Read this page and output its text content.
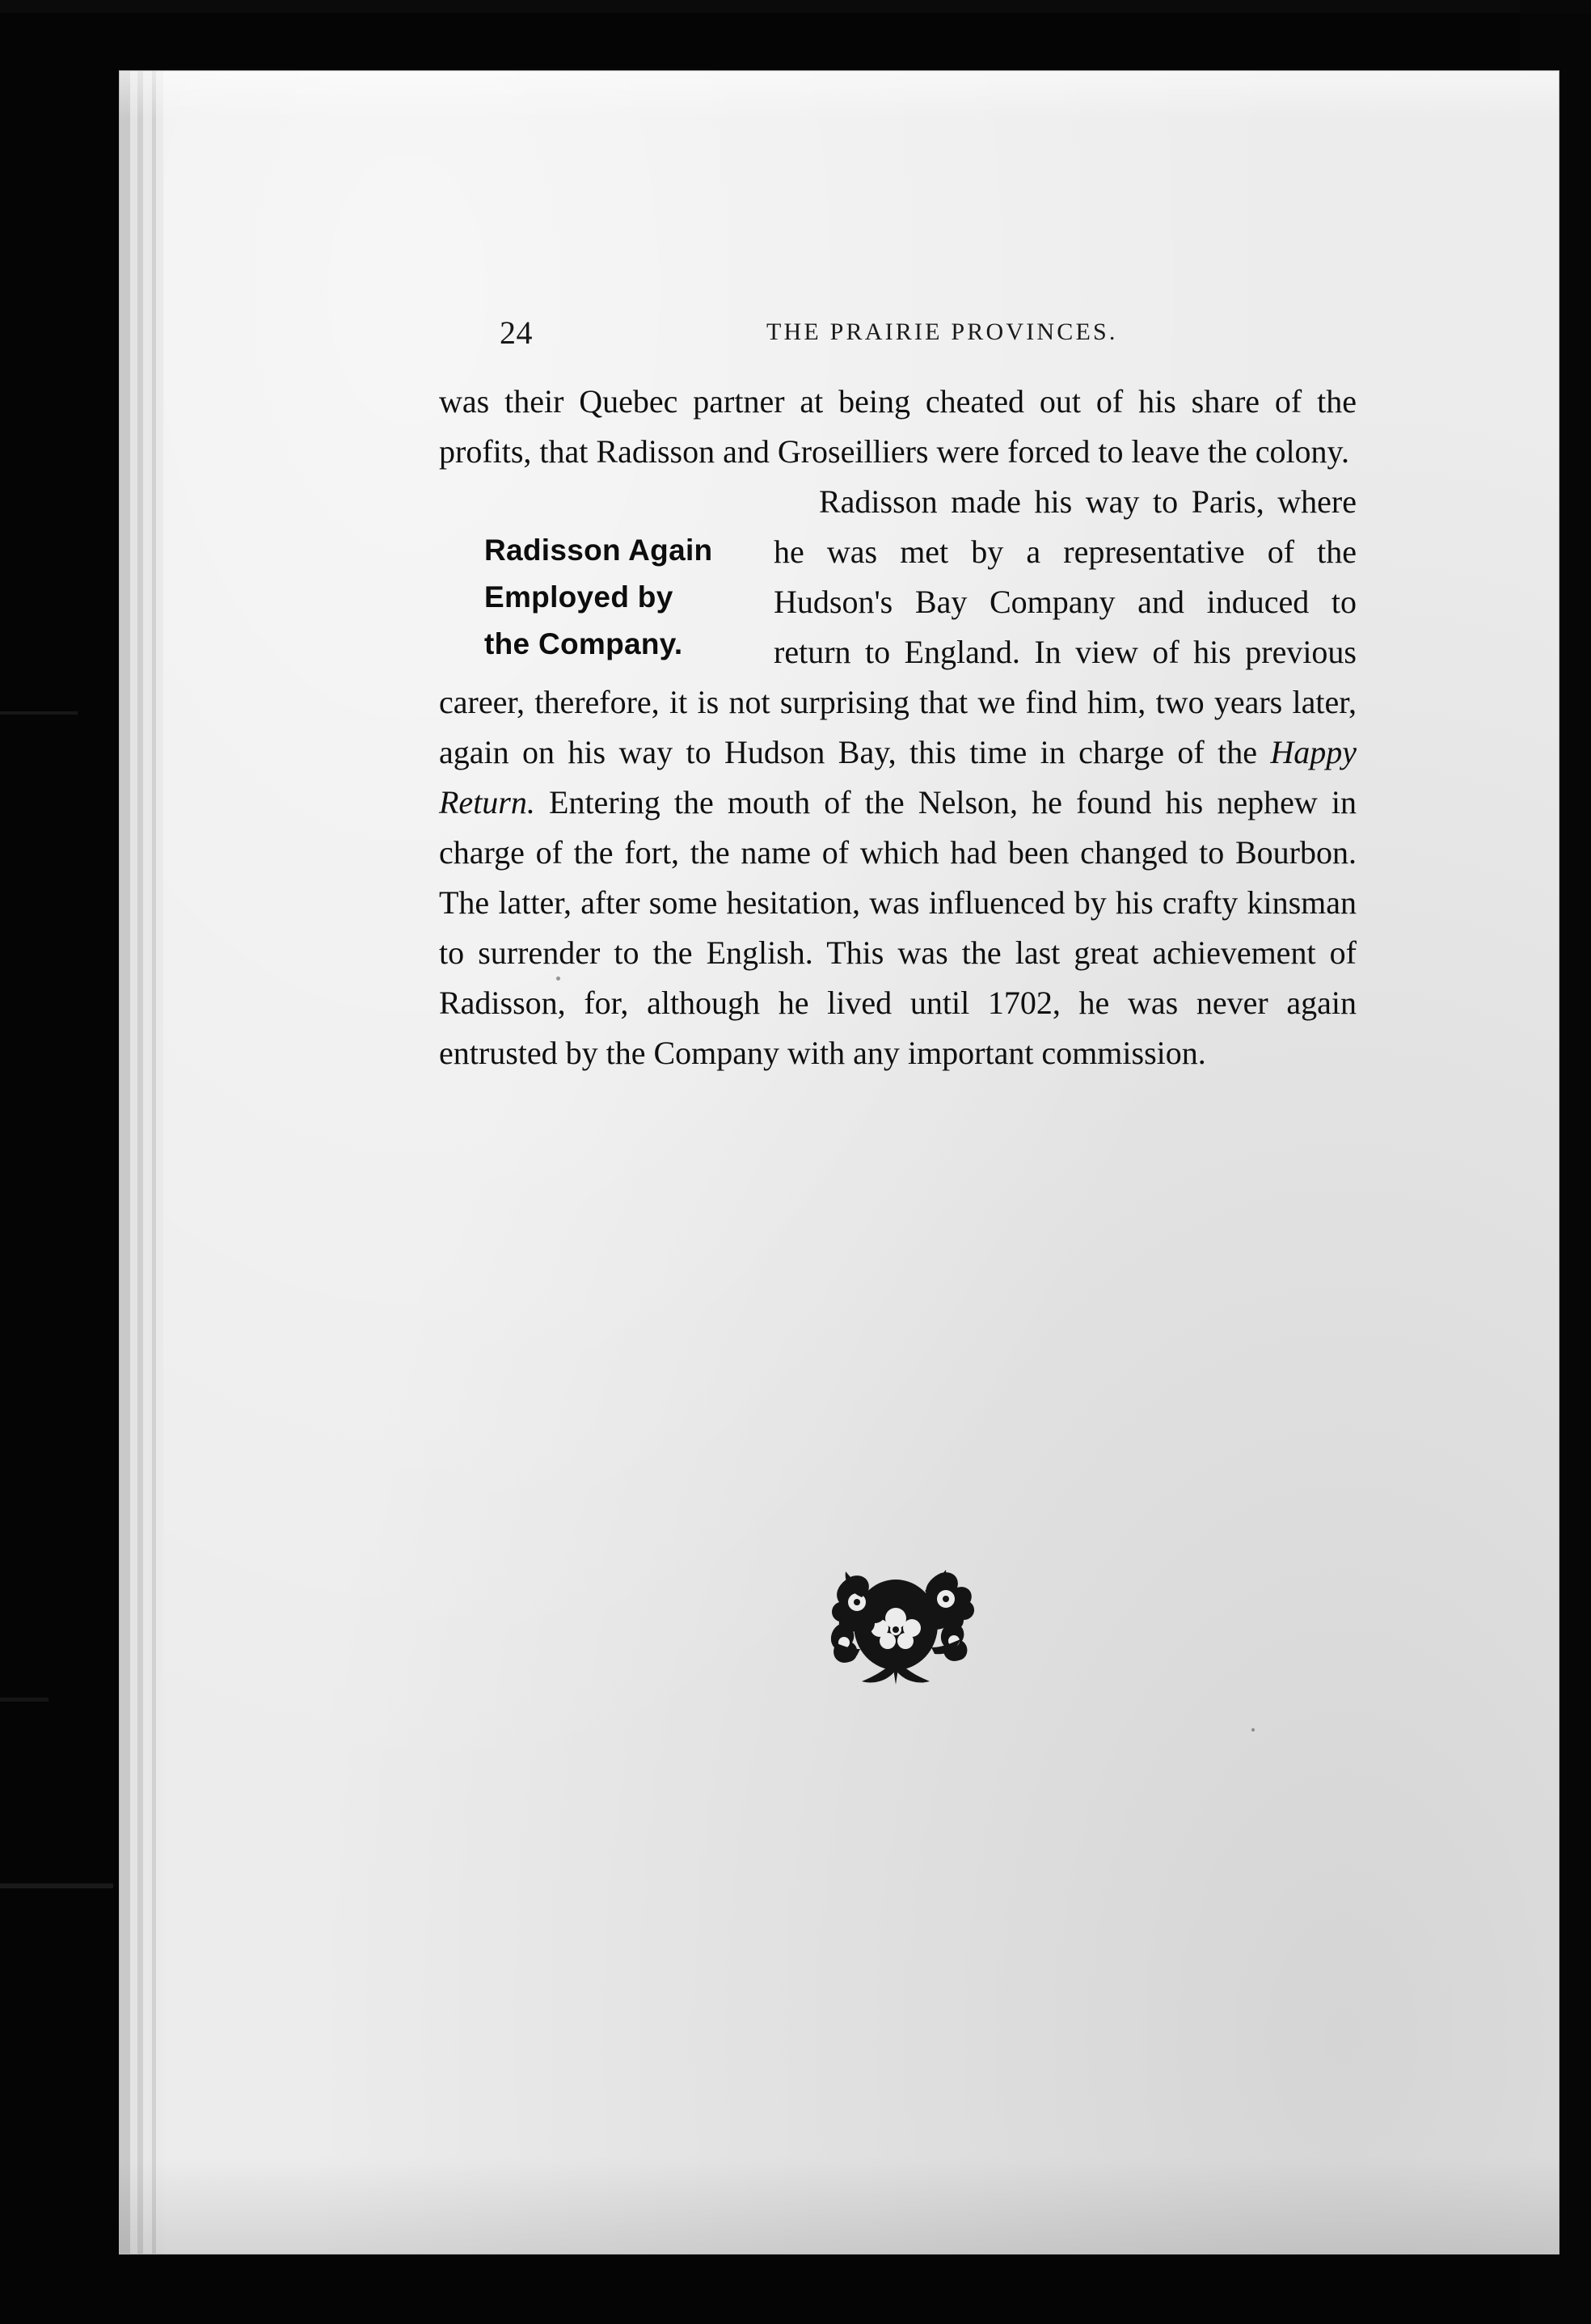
24	THE PRAIRIE PROVINCES.

was their Quebec partner at being cheated out of his share of the profits, that Radisson and Groseilliers were forced to leave the colony.

Radisson Again
Employed by
the Company.
Radisson made his way to Paris, where he was met by a representative of the Hudson's Bay Company and induced to return to England. In view of his previous career, therefore, it is not surprising that we find him, two years later, again on his way to Hudson Bay, this time in charge of the Happy Return. Entering the mouth of the Nelson, he found his nephew in charge of the fort, the name of which had been changed to Bourbon. The latter, after some hesitation, was influenced by his crafty kinsman to surrender to the English. This was the last great achievement of Radisson, for, although he lived until 1702, he was never again entrusted by the Company with any important commission.
